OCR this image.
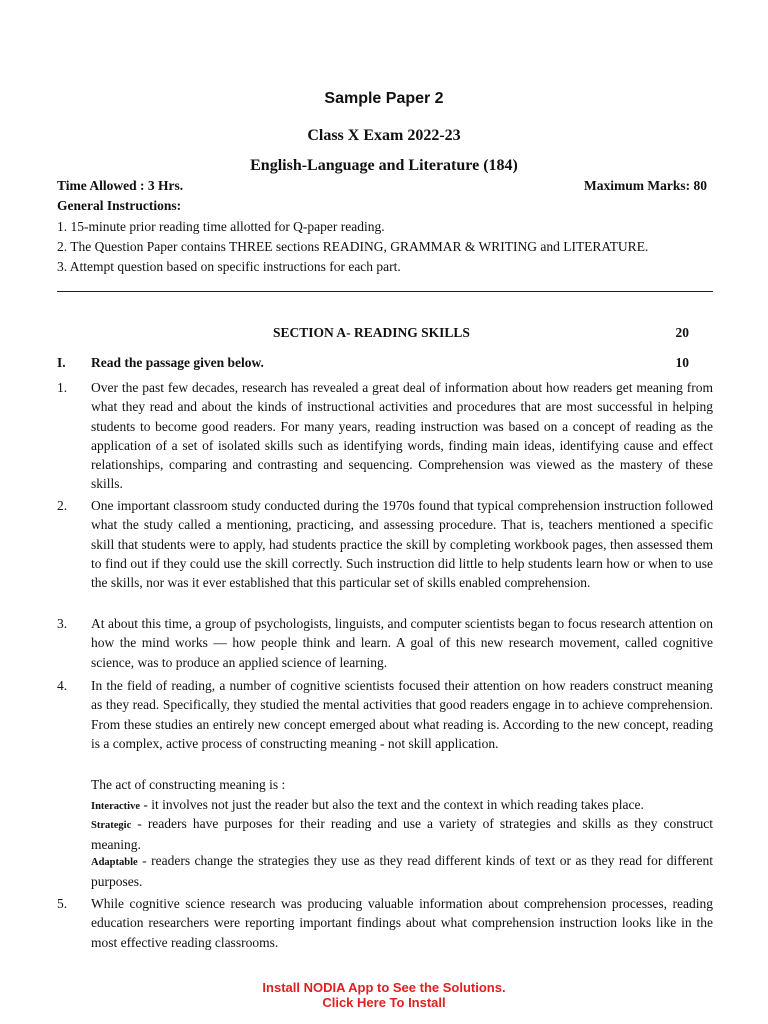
Sample Paper 2
Class X Exam 2022-23
English-Language and Literature (184)
Time Allowed : 3 Hrs.	Maximum Marks: 80
General Instructions:
1. 15-minute prior reading time allotted for Q-paper reading.
2. The Question Paper contains THREE sections READING, GRAMMAR & WRITING and LITERATURE.
3. Attempt question based on specific instructions for each part.
SECTION A- READING SKILLS	20
I. Read the passage given below.	10
1. Over the past few decades, research has revealed a great deal of information about how readers get meaning from what they read and about the kinds of instructional activities and procedures that are most successful in helping students to become good readers. For many years, reading instruction was based on a concept of reading as the application of a set of isolated skills such as identifying words, finding main ideas, identifying cause and effect relationships, comparing and contrasting and sequencing. Comprehension was viewed as the mastery of these skills.
2. One important classroom study conducted during the 1970s found that typical comprehension instruction followed what the study called a mentioning, practicing, and assessing procedure. That is, teachers mentioned a specific skill that students were to apply, had students practice the skill by completing workbook pages, then assessed them to find out if they could use the skill correctly. Such instruction did little to help students learn how or when to use the skills, nor was it ever established that this particular set of skills enabled comprehension.
3. At about this time, a group of psychologists, linguists, and computer scientists began to focus research attention on how the mind works — how people think and learn. A goal of this new research movement, called cognitive science, was to produce an applied science of learning.
4. In the field of reading, a number of cognitive scientists focused their attention on how readers construct meaning as they read. Specifically, they studied the mental activities that good readers engage in to achieve comprehension. From these studies an entirely new concept emerged about what reading is. According to the new concept, reading is a complex, active process of constructing meaning - not skill application.
The act of constructing meaning is :
Interactive - it involves not just the reader but also the text and the context in which reading takes place.
Strategic - readers have purposes for their reading and use a variety of strategies and skills as they construct meaning.
Adaptable - readers change the strategies they use as they read different kinds of text or as they read for different purposes.
5. While cognitive science research was producing valuable information about comprehension processes, reading education researchers were reporting important findings about what comprehension instruction looks like in the most effective reading classrooms.
Install NODIA App to See the Solutions.
Click Here To Install
